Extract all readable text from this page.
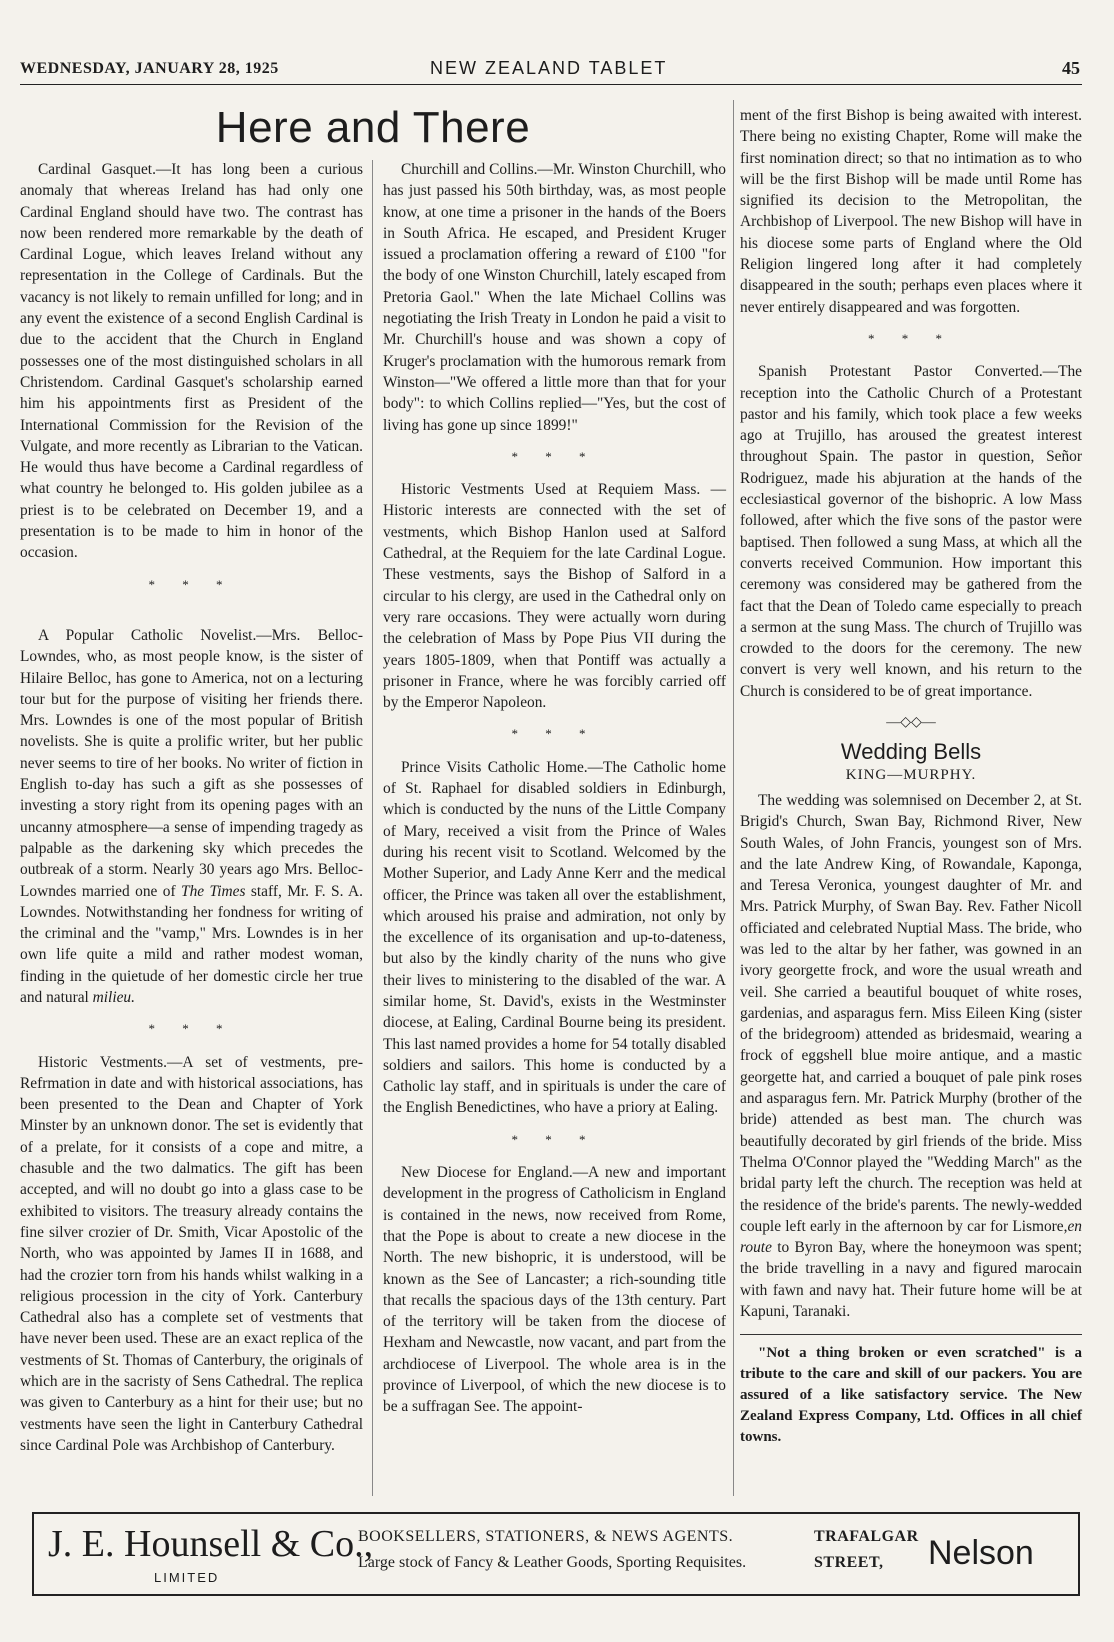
WEDNESDAY, JANUARY 28, 1925	NEW ZEALAND TABLET	45
Here and There

Cardinal Gasquet.—It has long been a curious anomaly that whereas Ireland has had only one Cardinal England should have two. The contrast has now been rendered more remarkable by the death of Cardinal Logue, which leaves Ireland without any representation in the College of Cardinals. But the vacancy is not likely to remain unfilled for long; and in any event the existence of a second English Cardinal is due to the accident that the Church in England possesses one of the most distinguished scholars in all Christendom. Cardinal Gasquet's scholarship earned him his appointments first as President of the International Commission for the Revision of the Vulgate, and more recently as Librarian to the Vatican. He would thus have become a Cardinal regardless of what country he belonged to. His golden jubilee as a priest is to be celebrated on December 19, and a presentation is to be made to him in honor of the occasion.

* * *

A Popular Catholic Novelist.—Mrs. Belloc-Lowndes, who, as most people know, is the sister of Hilaire Belloc, has gone to America, not on a lecturing tour but for the purpose of visiting her friends there. Mrs. Lowndes is one of the most popular of British novelists. She is quite a prolific writer, but her public never seems to tire of her books. No writer of fiction in English to-day has such a gift as she possesses of investing a story right from its opening pages with an uncanny atmosphere—a sense of impending tragedy as palpable as the darkening sky which precedes the outbreak of a storm. Nearly 30 years ago Mrs. Belloc-Lowndes married one of The Times staff, Mr. F. S. A. Lowndes. Notwithstanding her fondness for writing of the criminal and the "vamp," Mrs. Lowndes is in her own life quite a mild and rather modest woman, finding in the quietude of her domestic circle her true and natural milieu.

* * *

Historic Vestments.—A set of vestments, pre-Refrmation in date and with historical associations, has been presented to the Dean and Chapter of York Minster by an unknown donor. The set is evidently that of a prelate, for it consists of a cope and mitre, a chasuble and the two dalmatics. The gift has been accepted, and will no doubt go into a glass case to be exhibited to visitors. The treasury already contains the fine silver crozier of Dr. Smith, Vicar Apostolic of the North, who was appointed by James II in 1688, and had the crozier torn from his hands whilst walking in a religious procession in the city of York. Canterbury Cathedral also has a complete set of vestments that have never been used. These are an exact replica of the vestments of St. Thomas of Canterbury, the originals of which are in the sacristy of Sens Cathedral. The replica was given to Canterbury as a hint for their use; but no vestments have seen the light in Canterbury Cathedral since Cardinal Pole was Archbishop of Canterbury.

Churchill and Collins.—Mr. Winston Churchill, who has just passed his 50th birthday, was, as most people know, at one time a prisoner in the hands of the Boers in South Africa. He escaped, and President Kruger issued a proclamation offering a reward of £100 "for the body of one Winston Churchill, lately escaped from Pretoria Gaol." When the late Michael Collins was negotiating the Irish Treaty in London he paid a visit to Mr. Churchill's house and was shown a copy of Kruger's proclamation with the humorous remark from Winston—"We offered a little more than that for your body": to which Collins replied—"Yes, but the cost of living has gone up since 1899!"

* * *

Historic Vestments Used at Requiem Mass. —Historic interests are connected with the set of vestments, which Bishop Hanlon used at Salford Cathedral, at the Requiem for the late Cardinal Logue. These vestments, says the Bishop of Salford in a circular to his clergy, are used in the Cathedral only on very rare occasions. They were actually worn during the celebration of Mass by Pope Pius VII during the years 1805-1809, when that Pontiff was actually a prisoner in France, where he was forcibly carried off by the Emperor Napoleon.

* * *

Prince Visits Catholic Home.—The Catholic home of St. Raphael for disabled soldiers in Edinburgh, which is conducted by the nuns of the Little Company of Mary, received a visit from the Prince of Wales during his recent visit to Scotland. Welcomed by the Mother Superior, and Lady Anne Kerr and the medical officer, the Prince was taken all over the establishment, which aroused his praise and admiration, not only by the excellence of its organisation and up-to-dateness, but also by the kindly charity of the nuns who give their lives to ministering to the disabled of the war. A similar home, St. David's, exists in the Westminster diocese, at Ealing, Cardinal Bourne being its president. This last named provides a home for 54 totally disabled soldiers and sailors. This home is conducted by a Catholic lay staff, and in spirituals is under the care of the English Benedictines, who have a priory at Ealing.

* * *

New Diocese for England.—A new and important development in the progress of Catholicism in England is contained in the news, now received from Rome, that the Pope is about to create a new diocese in the North. The new bishopric, it is understood, will be known as the See of Lancaster; a rich-sounding title that recalls the spacious days of the 13th century. Part of the territory will be taken from the diocese of Hexham and Newcastle, now vacant, and part from the archdiocese of Liverpool. The whole area is in the province of Liverpool, of which the new diocese is to be a suffragan See. The appoint-

ment of the first Bishop is being awaited with interest. There being no existing Chapter, Rome will make the first nomination direct; so that no intimation as to who will be the first Bishop will be made until Rome has signified its decision to the Metropolitan, the Archbishop of Liverpool. The new Bishop will have in his diocese some parts of England where the Old Religion lingered long after it had completely disappeared in the south; perhaps even places where it never entirely disappeared and was forgotten.

* * *

Spanish Protestant Pastor Converted.—The reception into the Catholic Church of a Protestant pastor and his family, which took place a few weeks ago at Trujillo, has aroused the greatest interest throughout Spain. The pastor in question, Señor Rodriguez, made his abjuration at the hands of the ecclesiastical governor of the bishopric. A low Mass followed, after which the five sons of the pastor were baptised. Then followed a sung Mass, at which all the converts received Communion. How important this ceremony was considered may be gathered from the fact that the Dean of Toledo came especially to preach a sermon at the sung Mass. The church of Trujillo was crowded to the doors for the ceremony. The new convert is very well known, and his return to the Church is considered to be of great importance.

—◇◇—
Wedding Bells
KING—MURPHY.

The wedding was solemnised on December 2, at St. Brigid's Church, Swan Bay, Richmond River, New South Wales, of John Francis, youngest son of Mrs. and the late Andrew King, of Rowandale, Kaponga, and Teresa Veronica, youngest daughter of Mr. and Mrs. Patrick Murphy, of Swan Bay. Rev. Father Nicoll officiated and celebrated Nuptial Mass. The bride, who was led to the altar by her father, was gowned in an ivory georgette frock, and wore the usual wreath and veil. She carried a beautiful bouquet of white roses, gardenias, and asparagus fern. Miss Eileen King (sister of the bridegroom) attended as bridesmaid, wearing a frock of eggshell blue moire antique, and a mastic georgette hat, and carried a bouquet of pale pink roses and asparagus fern. Mr. Patrick Murphy (brother of the bride) attended as best man. The church was beautifully decorated by girl friends of the bride. Miss Thelma O'Connor played the "Wedding March" as the bridal party left the church. The reception was held at the residence of the bride's parents. The newly-wedded couple left early in the afternoon by car for Lismore,en route to Byron Bay, where the honeymoon was spent; the bride travelling in a navy and figured marocain with fawn and navy hat. Their future home will be at Kapuni, Taranaki.

"Not a thing broken or even scratched" is a tribute to the care and skill of our packers. You are assured of a like satisfactory service. The New Zealand Express Company, Ltd. Offices in all chief towns.

J. E. Hounsell & Co.,
LIMITED
BOOKSELLERS, STATIONERS, & NEWS AGENTS.
Large stock of Fancy & Leather Goods, Sporting Requisites.
TRAFALGAR
STREET, Nelson
